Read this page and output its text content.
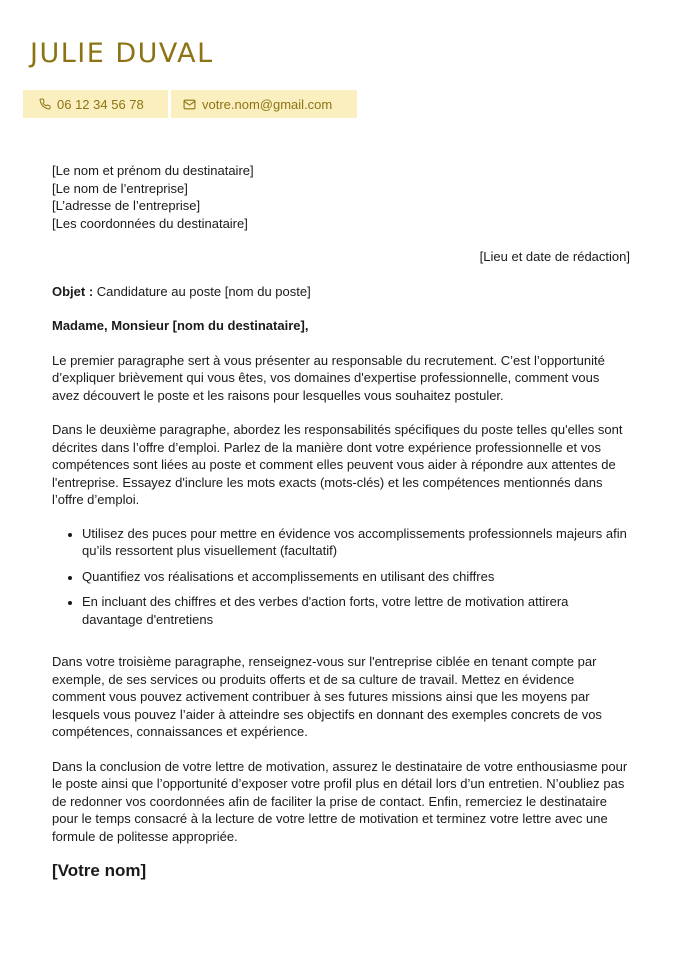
JULIE DUVAL
06 12 34 56 78	votre.nom@gmail.com
[Le nom et prénom du destinataire]
[Le nom de l’entreprise]
[L’adresse de l’entreprise]
[Les coordonnées du destinataire]
[Lieu et date de rédaction]
Objet : Candidature au poste [nom du poste]
Madame, Monsieur [nom du destinataire],

Le premier paragraphe sert à vous présenter au responsable du recrutement. C’est l’opportunité d’expliquer brièvement qui vous êtes, vos domaines d'expertise professionnelle, comment vous avez découvert le poste et les raisons pour lesquelles vous souhaitez postuler.

Dans le deuxième paragraphe, abordez les responsabilités spécifiques du poste telles qu'elles sont décrites dans l’offre d’emploi. Parlez de la manière dont votre expérience professionnelle et vos compétences sont liées au poste et comment elles peuvent vous aider à répondre aux attentes de l'entreprise. Essayez d'inclure les mots exacts (mots-clés) et les compétences mentionnés dans l’offre d’emploi.

• Utilisez des puces pour mettre en évidence vos accomplissements professionnels majeurs afin qu’ils ressortent plus visuellement (facultatif)
• Quantifiez vos réalisations et accomplissements en utilisant des chiffres
• En incluant des chiffres et des verbes d'action forts, votre lettre de motivation attirera davantage d'entretiens

Dans votre troisième paragraphe, renseignez-vous sur l'entreprise ciblée en tenant compte par exemple, de ses services ou produits offerts et de sa culture de travail. Mettez en évidence comment vous pouvez activement contribuer à ses futures missions ainsi que les moyens par lesquels vous pouvez l’aider à atteindre ses objectifs en donnant des exemples concrets de vos compétences, connaissances et expérience.

Dans la conclusion de votre lettre de motivation, assurez le destinataire de votre enthousiasme pour le poste ainsi que l’opportunité d’exposer votre profil plus en détail lors d’un entretien. N’oubliez pas de redonner vos coordonnées afin de faciliter la prise de contact. Enfin, remerciez le destinataire pour le temps consacré à la lecture de votre lettre de motivation et terminez votre lettre avec une formule de politesse appropriée.

[Votre nom]
